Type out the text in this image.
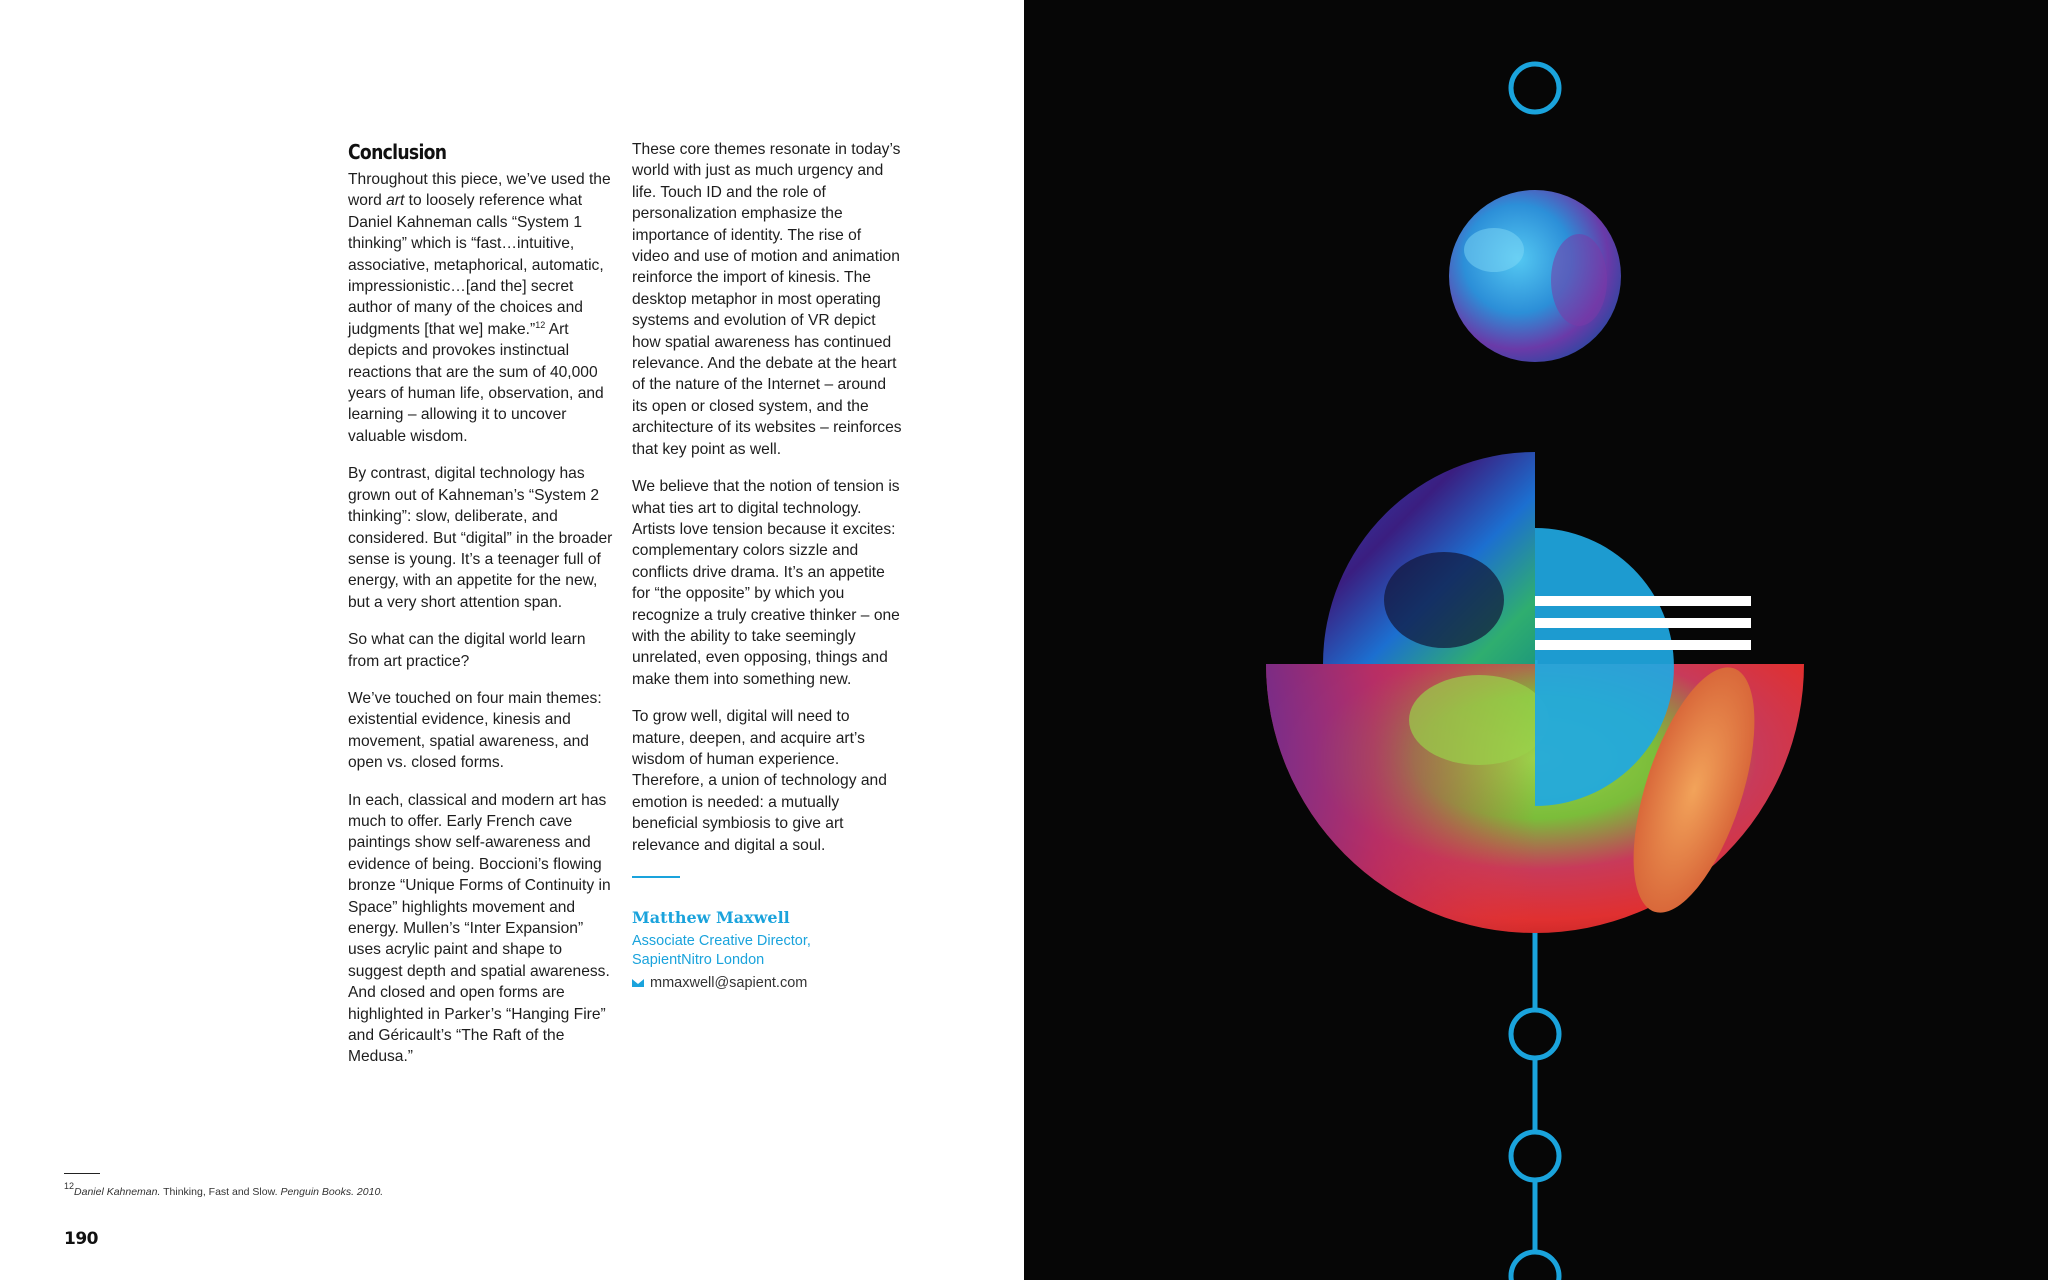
Conclusion

Throughout this piece, we’ve used the word art to loosely reference what Daniel Kahneman calls “System 1 thinking” which is “fast…intuitive, associative, metaphorical, automatic, impressionistic…[and the] secret author of many of the choices and judgments [that we] make.”$^{12}$ Art depicts and provokes instinctual reactions that are the sum of 40,000 years of human life, observation, and learning – allowing it to uncover valuable wisdom.

By contrast, digital technology has grown out of Kahneman’s “System 2 thinking”: slow, deliberate, and considered. But “digital” in the broader sense is young. It’s a teenager full of energy, with an appetite for the new, but a very short attention span.

So what can the digital world learn from art practice?

We’ve touched on four main themes: existential evidence, kinesis and movement, spatial awareness, and open vs. closed forms.

In each, classical and modern art has much to offer. Early French cave paintings show self-awareness and evidence of being. Boccioni’s flowing bronze “Unique Forms of Continuity in Space” highlights movement and energy. Mullen’s “Inter Expansion” uses acrylic paint and shape to suggest depth and spatial awareness. And closed and open forms are highlighted in Parker’s “Hanging Fire” and Géricault’s “The Raft of the Medusa.”

These core themes resonate in today’s world with just as much urgency and life. Touch ID and the role of personalization emphasize the importance of identity. The rise of video and use of motion and animation reinforce the import of kinesis. The desktop metaphor in most operating systems and evolution of VR depict how spatial awareness has continued relevance. And the debate at the heart of the nature of the Internet – around its open or closed system, and the architecture of its websites – reinforces that key point as well.

We believe that the notion of tension is what ties art to digital technology. Artists love tension because it excites: complementary colors sizzle and conflicts drive drama. It’s an appetite for “the opposite” by which you recognize a truly creative thinker – one with the ability to take seemingly unrelated, even opposing, things and make them into something new.

To grow well, digital will need to mature, deepen, and acquire art’s wisdom of human experience. Therefore, a union of technology and emotion is needed: a mutually beneficial symbiosis to give art relevance and digital a soul.

Matthew Maxwell
Associate Creative Director,
SapientNitro London
mmaxwell@sapient.com
$^{12}$Daniel Kahneman. Thinking, Fast and Slow. Penguin Books. 2010.
190
